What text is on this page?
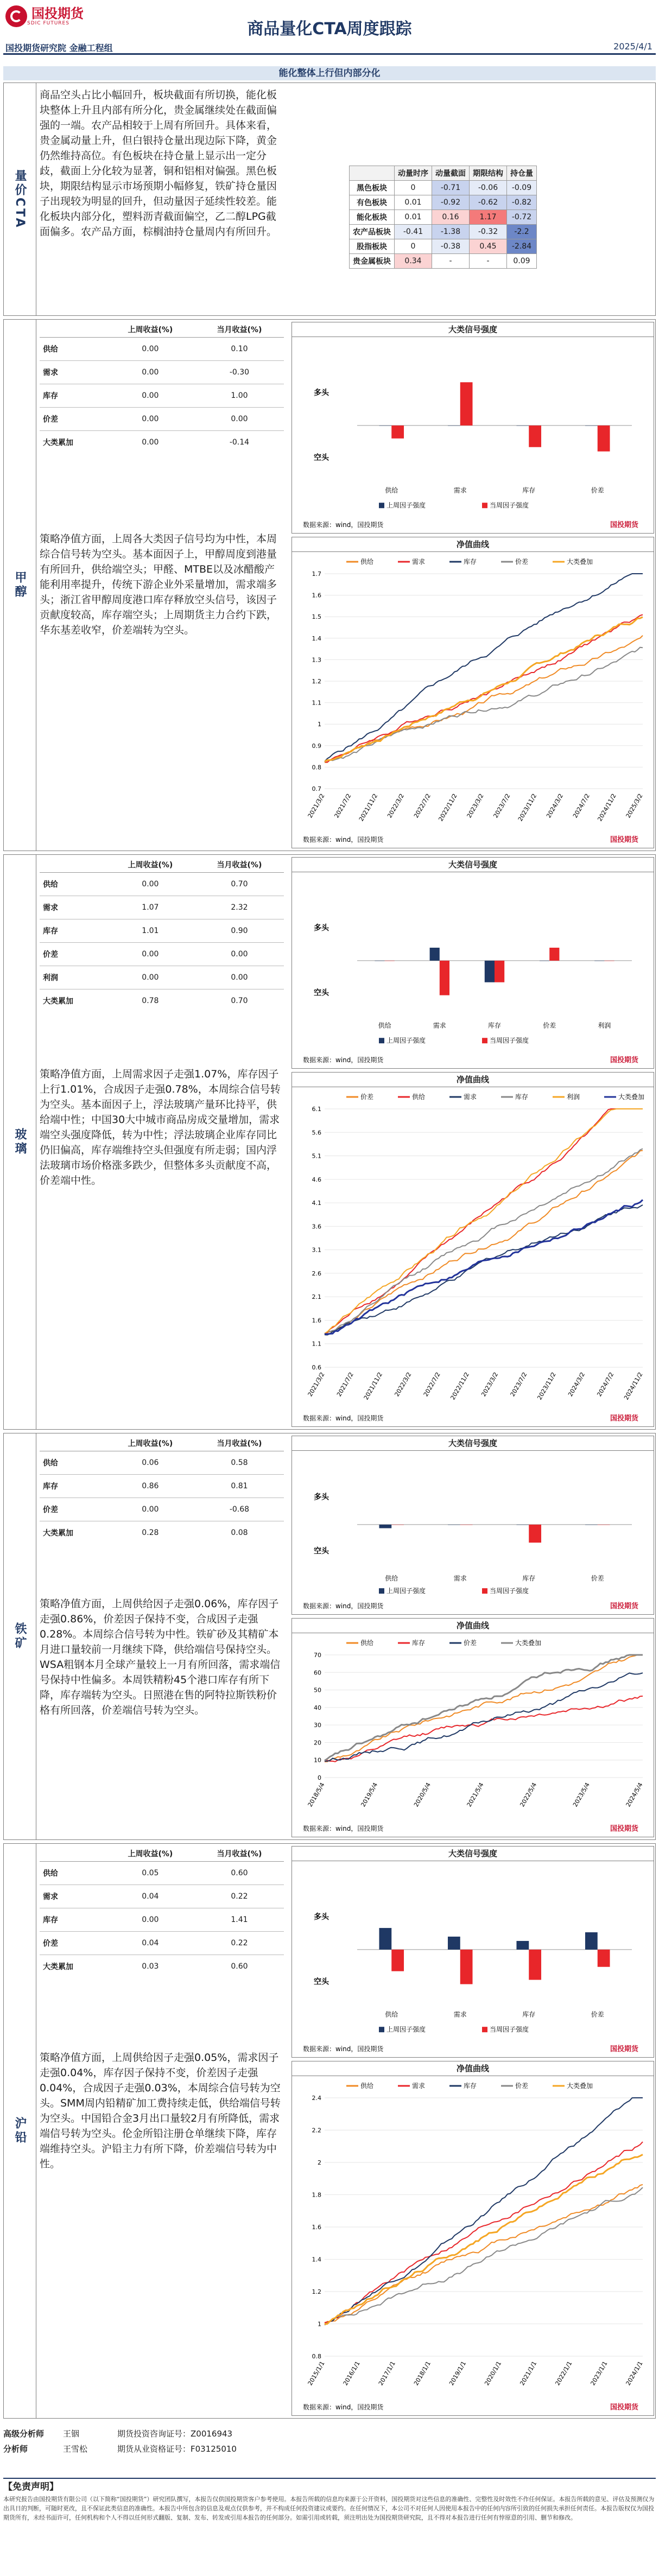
国投期货
SDIC FUTURES	商品量化CTA周度跟踪
国投期货研究院 金融工程组	2025/4/1
能化整体上行但内部分化
量价CTA
商品空头占比小幅回升，板块截面有所切换，能化板块整体上升且内部有所分化，贵金属继续处在截面偏强的一端。农产品相较于上周有所回升。具体来看，贵金属动量上升，但白银持仓量出现边际下降，黄金仍然维持高位。有色板块在持仓量上显示出一定分歧，截面上分化较为显著，铜和铝相对偏强。黑色板块，期限结构显示市场预期小幅修复，铁矿持仓量因子出现较为明显的回升，但动量因子延续性较差。能化板块内部分化，塑料沥青截面偏空，乙二醇LPG截面偏多。农产品方面，棕榈油持仓量周内有所回升。
	动量时序	动量截面	期限结构	持仓量
黑色板块	0	-0.71	-0.06	-0.09
有色板块	0.01	-0.92	-0.62	-0.82
能化板块	0.01	0.16	1.17	-0.72
农产品板块	-0.41	-1.38	-0.32	-2.2
股指板块	0	-0.38	0.45	-2.84
贵金属板块	0.34	-	-	0.09
甲醇
	上周收益(%)	当月收益(%)
供给	0.00	0.10
需求	0.00	-0.30
库存	0.00	1.00
价差	0.00	0.00
大类累加	0.00	-0.14
策略净值方面，上周各大类因子信号均为中性，本周综合信号转为空头。基本面因子上，甲醇周度到港量有所回升，供给端空头；甲醛、MTBE以及冰醋酸产能利用率提升，传统下游企业外采量增加，需求端多头；浙江省甲醇周度港口库存释放空头信号，该因子贡献度较高，库存端空头；上周期货主力合约下跌，华东基差收窄，价差端转为空头。
大类信号强度
多头
空头
供给	需求	库存	价差
上周因子强度	当周因子强度
数据来源：wind，国投期货	国投期货
净值曲线
供给	需求	库存	价差	大类叠加
0.7
0.8
0.9
1
1.1
1.2
1.3
1.4
1.5
1.6
1.7
2021/3/2 2021/7/2 2021/11/2 2022/3/2 2022/7/2 2022/11/2 2023/3/2 2023/7/2 2023/11/2 2024/3/2 2024/7/2 2024/11/2 2025/3/2
数据来源：wind，国投期货	国投期货
玻璃
	上周收益(%)	当月收益(%)
供给	0.00	0.70
需求	1.07	2.32
库存	1.01	0.90
价差	0.00	0.00
利润	0.00	0.00
大类累加	0.78	0.70
策略净值方面，上周需求因子走强1.07%，库存因子上行1.01%，合成因子走强0.78%，本周综合信号转为空头。基本面因子上，浮法玻璃产量环比持平，供给端中性；中国30大中城市商品房成交量增加，需求端空头强度降低，转为中性；浮法玻璃企业库存同比仍旧偏高，库存端维持空头但强度有所走弱；国内浮法玻璃市场价格涨多跌少，但整体多头贡献度不高，价差端中性。
大类信号强度
多头
空头
供给	需求	库存	价差	利润
上周因子强度	当周因子强度
数据来源：wind，国投期货	国投期货
净值曲线
价差	供给	需求	库存	利润	大类叠加
0.6
1.1
1.6
2.1
2.6
3.1
3.6
4.1
4.6
5.1
5.6
6.1
2021/3/2 2021/7/2 2021/11/2 2022/3/2 2022/7/2 2022/11/2 2023/3/2 2023/7/2 2023/11/2 2024/3/2 2024/7/2 2024/11/2
数据来源：wind，国投期货	国投期货
铁矿
	上周收益(%)	当月收益(%)
供给	0.06	0.58
库存	0.86	0.81
价差	0.00	-0.68
大类累加	0.28	0.08
策略净值方面，上周供给因子走强0.06%，库存因子走强0.86%，价差因子保持不变，合成因子走强0.28%。本周综合信号转为中性。铁矿砂及其精矿本月进口量较前一月继续下降，供给端信号保持空头。WSA粗钢本月全球产量较上一月有所回落，需求端信号保持中性偏多。本周铁精粉45个港口库存有所下降，库存端转为空头。日照港在售的阿特拉斯铁粉价格有所回落，价差端信号转为空头。
大类信号强度
多头
空头
供给	需求	库存	价差
上周因子强度	当周因子强度
数据来源：wind，国投期货	国投期货
净值曲线
供给	库存	价差	大类叠加
0
10
20
30
40
50
60
70
2018/5/4	2019/5/4	2020/5/4	2021/5/4	2022/5/4	2023/5/4	2024/5/4
数据来源：wind，国投期货	国投期货
沪铅
	上周收益(%)	当月收益(%)
供给	0.05	0.60
需求	0.04	0.22
库存	0.00	1.41
价差	0.04	0.22
大类累加	0.03	0.60
策略净值方面，上周供给因子走强0.05%，需求因子走强0.04%，库存因子保持不变，价差因子走强0.04%，合成因子走强0.03%，本周综合信号转为空头。SMM周内铅精矿加工费持续走低，供给端信号转为空头。中国铅合金3月出口量较2月有所降低，需求端信号转为空头。伦金所铅注册仓单继续下降，库存端维持空头。沪铅主力有所下降，价差端信号转为中性。
大类信号强度
多头
空头
供给	需求	库存	价差
上周因子强度	当周因子强度
数据来源：wind，国投期货	国投期货
净值曲线
供给	需求	库存	价差	大类叠加
0.8
1
1.2
1.4
1.6
1.8
2
2.2
2.4
2015/1/1	2016/1/1	2017/1/1	2018/1/1	2019/1/1	2020/1/1	2021/1/1	2022/1/1	2023/1/1	2024/1/1
数据来源：wind，国投期货	国投期货
高级分析师	王铟	期货投资咨询证号：Z0016943
分析师	王雪松	期货从业资格证号：F03125010
【免责声明】
本研究报告由国投期货有限公司（以下简称“国投期货”）研究团队撰写，本报告仅供国投期货客户参考使用。本报告所载的信息均来源于公开资料，国投期货对这些信息的准确性、完整性及时效性不作任何保证。本报告所载的意见、评估及预测仅为出具日的判断，可随时更改，且不保证此类信息的准确性。本报告中所包含的信息及观点仅供参考，并不构成任何投资建议或要约。在任何情况下，本公司不对任何人因使用本报告中的任何内容所引致的任何损失承担任何责任。本报告版权仅为国投期货所有，未经书面许可，任何机构和个人不得以任何形式翻版、复制、发布、转发或引用本报告的任何部分。如需引用或转载，须注明出处为国投期货研究院，且不得对本报告进行任何有悖原意的引用、删节和修改。
